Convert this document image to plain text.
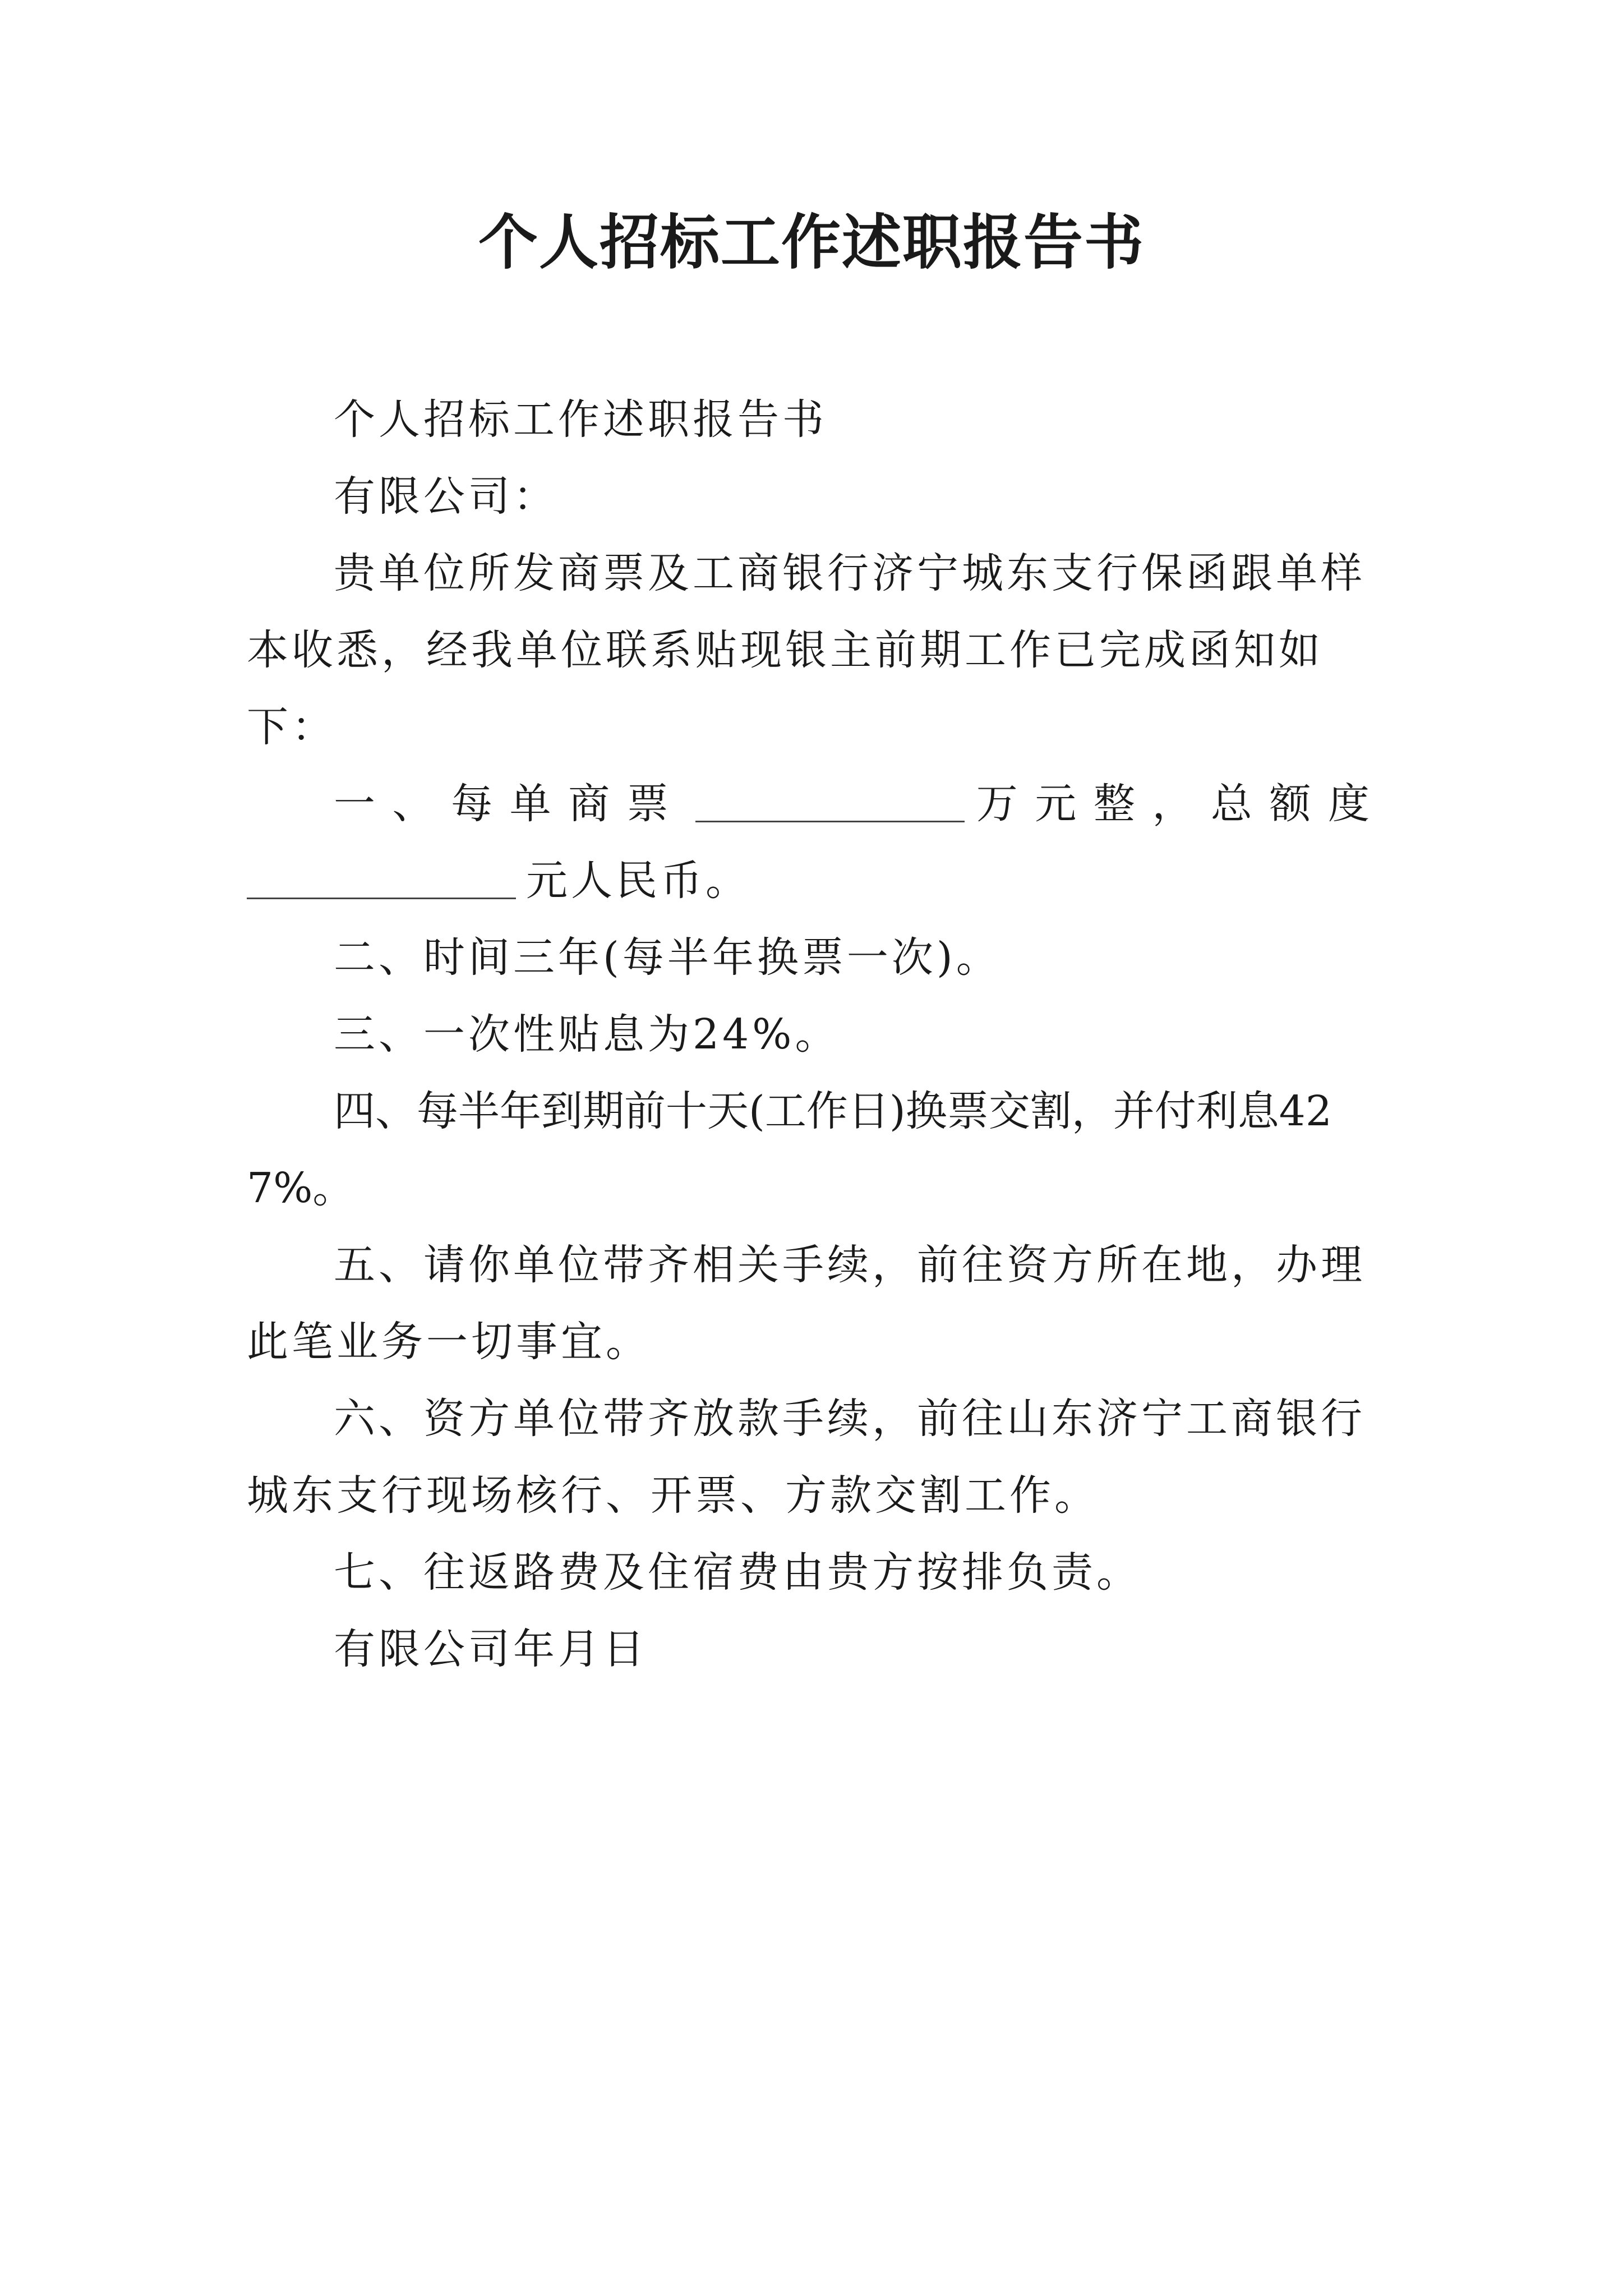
个人招标工作述职报告书

个人招标工作述职报告书

有限公司：

贵单位所发商票及工商银行济宁城东支行保函跟单样本收悉，经我单位联系贴现银主前期工作已完成函知如下：

一、每单商票	万元整，总额度

元人民币。

二、时间三年(每半年换票一次)。

三、一次性贴息为24%。

四、每半年到期前十天(工作日)换票交割，并付利息427%。

五、请你单位带齐相关手续，前往资方所在地，办理此笔业务一切事宜。

六、资方单位带齐放款手续，前往山东济宁工商银行城东支行现场核行、开票、方款交割工作。

七、往返路费及住宿费由贵方按排负责。

有限公司年月日
